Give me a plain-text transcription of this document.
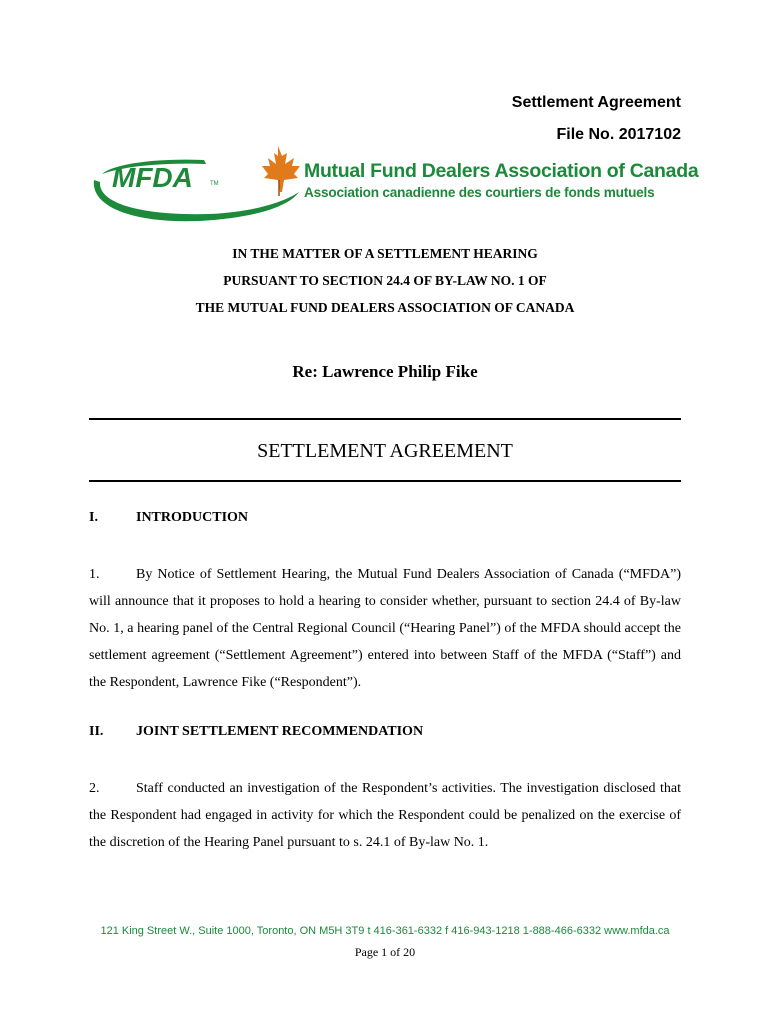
Settlement Agreement
File No. 2017102
MFDA	TM
Mutual Fund Dealers Association of Canada
Association canadienne des courtiers de fonds mutuels
IN THE MATTER OF A SETTLEMENT HEARING
PURSUANT TO SECTION 24.4 OF BY-LAW NO. 1 OF
THE MUTUAL FUND DEALERS ASSOCIATION OF CANADA
Re: Lawrence Philip Fike
SETTLEMENT AGREEMENT
I.	INTRODUCTION
1.	By Notice of Settlement Hearing, the Mutual Fund Dealers Association of Canada (“MFDA”) will announce that it proposes to hold a hearing to consider whether, pursuant to section 24.4 of By-law No. 1, a hearing panel of the Central Regional Council (“Hearing Panel”) of the MFDA should accept the settlement agreement (“Settlement Agreement”) entered into between Staff of the MFDA (“Staff”) and the Respondent, Lawrence Fike (“Respondent”).
II. JOINT SETTLEMENT RECOMMENDATION
2.	Staff conducted an investigation of the Respondent’s activities. The investigation disclosed that the Respondent had engaged in activity for which the Respondent could be penalized on the exercise of the discretion of the Hearing Panel pursuant to s. 24.1 of By-law No. 1.
121 King Street W., Suite 1000, Toronto, ON M5H 3T9 t 416-361-6332 f 416-943-1218 1-888-466-6332 www.mfda.ca
Page 1 of 20
